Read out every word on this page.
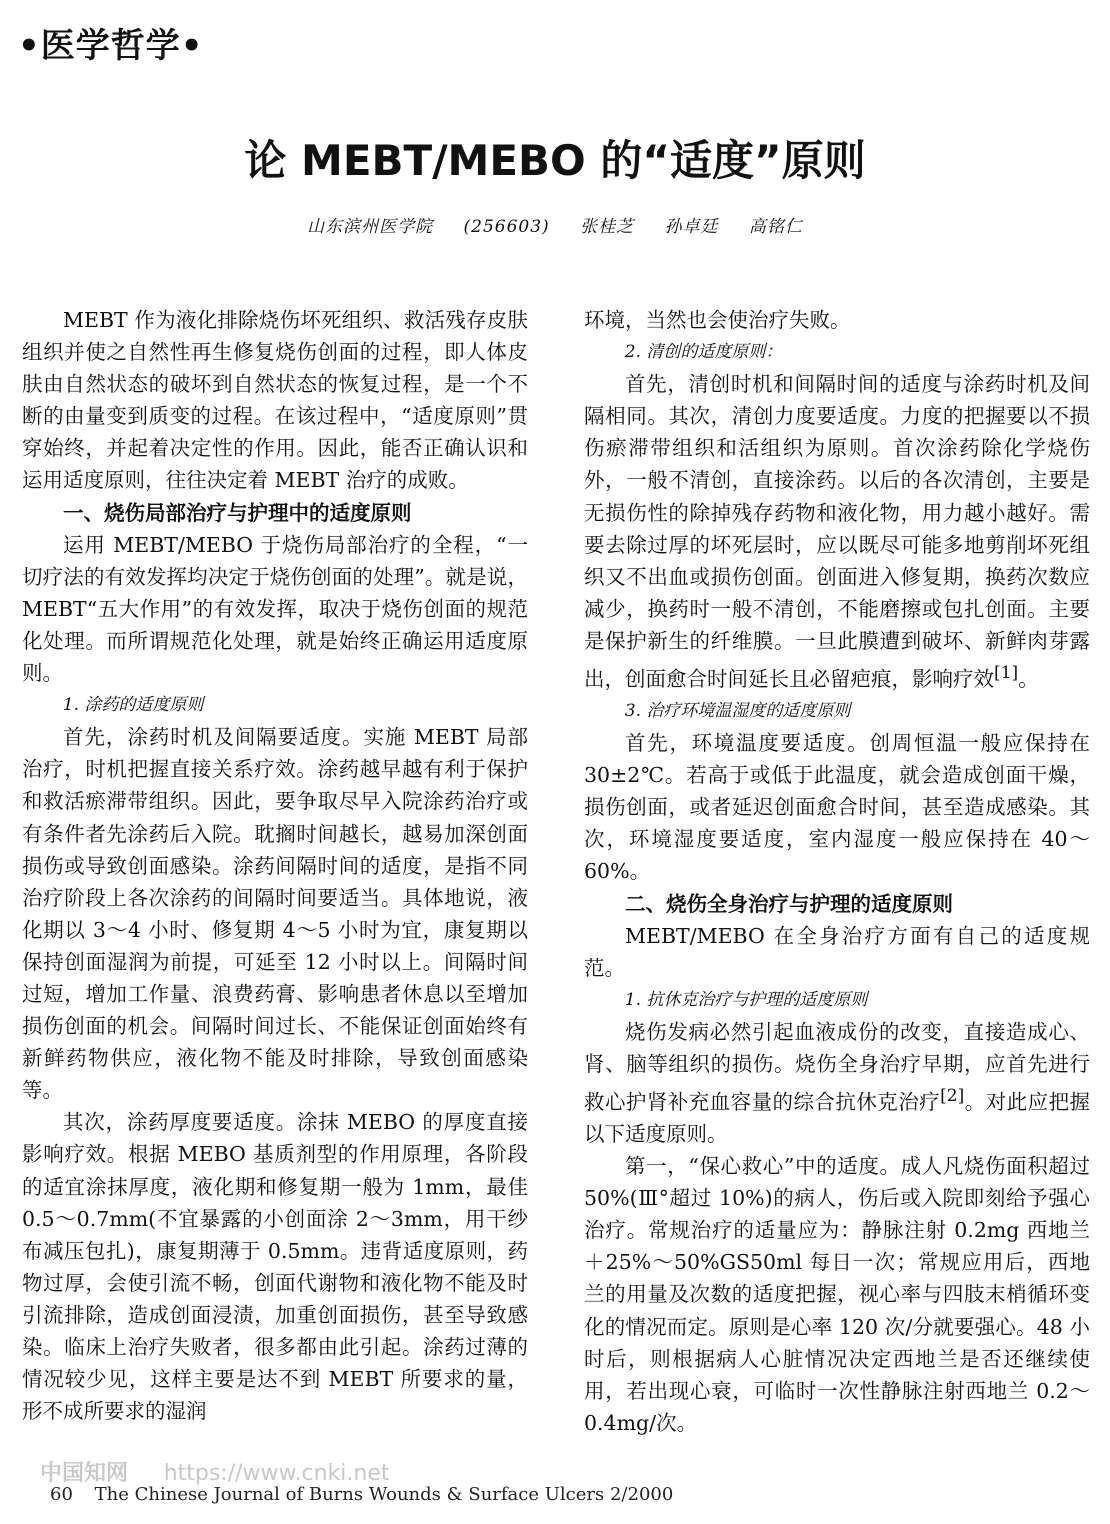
•医学哲学•
论 MEBT/MEBO 的“适度”原则
山东滨州医学院 (256603) 张桂芝 孙卓廷 高铭仁

MEBT 作为液化排除烧伤坏死组织、救活残存皮肤组织并使之自然性再生修复烧伤创面的过程，即人体皮肤由自然状态的破坏到自然状态的恢复过程，是一个不断的由量变到质变的过程。在该过程中，“适度原则”贯穿始终，并起着决定性的作用。因此，能否正确认识和运用适度原则，往往决定着 MEBT 治疗的成败。

一、烧伤局部治疗与护理中的适度原则

运用 MEBT/MEBO 于烧伤局部治疗的全程，“一切疗法的有效发挥均决定于烧伤创面的处理”。就是说，MEBT“五大作用”的有效发挥，取决于烧伤创面的规范化处理。而所谓规范化处理，就是始终正确运用适度原则。

1. 涂药的适度原则

首先，涂药时机及间隔要适度。实施 MEBT 局部治疗，时机把握直接关系疗效。涂药越早越有利于保护和救活瘀滞带组织。因此，要争取尽早入院涂药治疗或有条件者先涂药后入院。耽搁时间越长，越易加深创面损伤或导致创面感染。涂药间隔时间的适度，是指不同治疗阶段上各次涂药的间隔时间要适当。具体地说，液化期以 3～4 小时、修复期 4～5 小时为宜，康复期以保持创面湿润为前提，可延至 12 小时以上。间隔时间过短，增加工作量、浪费药膏、影响患者休息以至增加损伤创面的机会。间隔时间过长、不能保证创面始终有新鲜药物供应，液化物不能及时排除，导致创面感染等。

其次，涂药厚度要适度。涂抹 MEBO 的厚度直接影响疗效。根据 MEBO 基质剂型的作用原理，各阶段的适宜涂抹厚度，液化期和修复期一般为 1mm，最佳 0.5～0.7mm(不宜暴露的小创面涂 2～3mm，用干纱布减压包扎)，康复期薄于 0.5mm。违背适度原则，药物过厚，会使引流不畅，创面代谢物和液化物不能及时引流排除，造成创面浸渍，加重创面损伤，甚至导致感染。临床上治疗失败者，很多都由此引起。涂药过薄的情况较少见，这样主要是达不到 MEBT 所要求的量，形不成所要求的湿润

环境，当然也会使治疗失败。

2. 清创的适度原则：

首先，清创时机和间隔时间的适度与涂药时机及间隔相同。其次，清创力度要适度。力度的把握要以不损伤瘀滞带组织和活组织为原则。首次涂药除化学烧伤外，一般不清创，直接涂药。以后的各次清创，主要是无损伤性的除掉残存药物和液化物，用力越小越好。需要去除过厚的坏死层时，应以既尽可能多地剪削坏死组织又不出血或损伤创面。创面进入修复期，换药次数应减少，换药时一般不清创，不能磨擦或包扎创面。主要是保护新生的纤维膜。一旦此膜遭到破坏、新鲜肉芽露出，创面愈合时间延长且必留疤痕，影响疗效[1]。

3. 治疗环境温湿度的适度原则

首先，环境温度要适度。创周恒温一般应保持在 30±2℃。若高于或低于此温度，就会造成创面干燥，损伤创面，或者延迟创面愈合时间，甚至造成感染。其次，环境湿度要适度，室内湿度一般应保持在 40～60%。

二、烧伤全身治疗与护理的适度原则

MEBT/MEBO 在全身治疗方面有自己的适度规范。

1. 抗休克治疗与护理的适度原则

烧伤发病必然引起血液成份的改变，直接造成心、肾、脑等组织的损伤。烧伤全身治疗早期，应首先进行救心护肾补充血容量的综合抗休克治疗[2]。对此应把握以下适度原则。

第一，“保心救心”中的适度。成人凡烧伤面积超过 50%(Ⅲ°超过 10%)的病人，伤后或入院即刻给予强心治疗。常规治疗的适量应为：静脉注射 0.2mg 西地兰＋25%～50%GS50ml 每日一次；常规应用后，西地兰的用量及次数的适度把握，视心率与四肢末梢循环变化的情况而定。原则是心率 120 次/分就要强心。48 小时后，则根据病人心脏情况决定西地兰是否还继续使用，若出现心衰，可临时一次性静脉注射西地兰 0.2～0.4mg/次。

中国知网 https://www.cnki.net
60 The Chinese Journal of Burns Wounds & Surface Ulcers 2/2000
